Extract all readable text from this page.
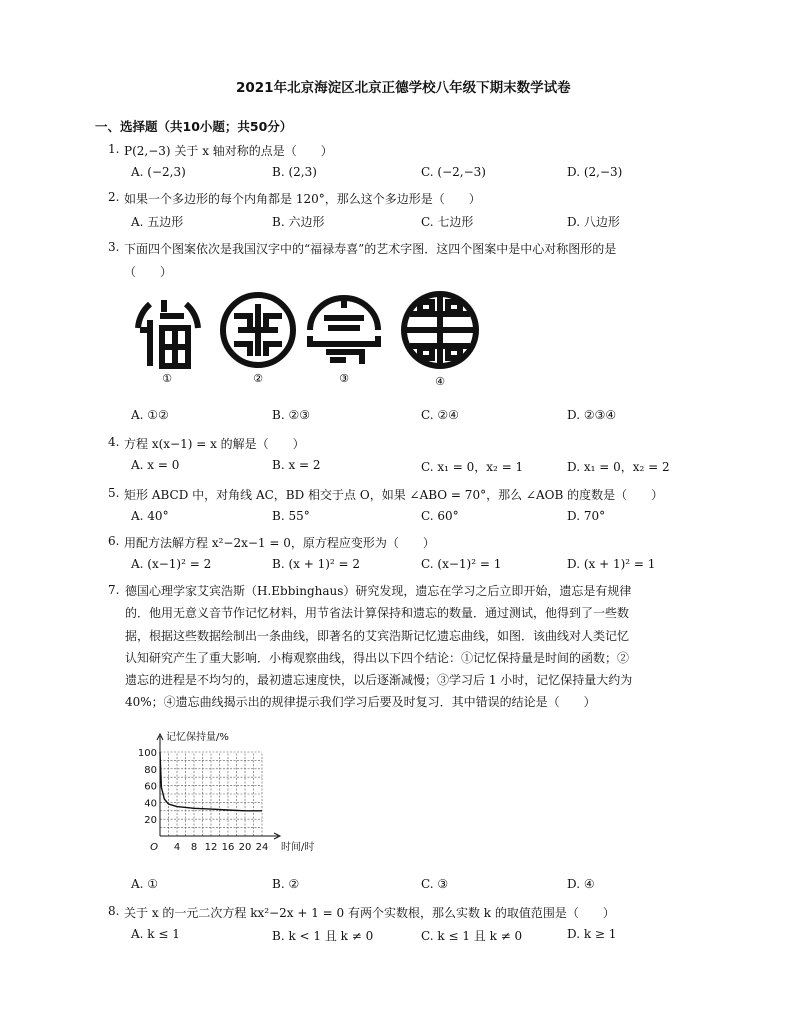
2021年北京海淀区北京正德学校八年级下期末数学试卷
一、选择题（共10小题；共50分）
1. P(2,−3) 关于 x 轴对称的点是（　　）
A. (−2,3)	B. (2,3)	C. (−2,−3)	D. (2,−3)
2. 如果一个多边形的每个内角都是 120°，那么这个多边形是（　　）
A. 五边形	B. 六边形	C. 七边形	D. 八边形
3. 下面四个图案依次是我国汉字中的“福禄寿喜”的艺术字图．这四个图案中是中心对称图形的是
（　　）
①	②	③	④
A. ①②	B. ②③	C. ②④	D. ②③④
4. 方程 x(x−1) = x 的解是（　　）
A. x = 0	B. x = 2	C. x₁ = 0，x₂ = 1	D. x₁ = 0，x₂ = 2
5. 矩形 ABCD 中，对角线 AC，BD 相交于点 O，如果 ∠ABO = 70°，那么 ∠AOB 的度数是（　　）
A. 40°	B. 55°	C. 60°	D. 70°
6. 用配方法解方程 x²−2x−1 = 0，原方程应变形为（　　）
A. (x−1)² = 2	B. (x + 1)² = 2	C. (x−1)² = 1	D. (x + 1)² = 1
7. 德国心理学家艾宾浩斯（H.Ebbinghaus）研究发现，遗忘在学习之后立即开始，遗忘是有规律
的．他用无意义音节作记忆材料，用节省法计算保持和遗忘的数量．通过测试，他得到了一些数
据，根据这些数据绘制出一条曲线，即著名的艾宾浩斯记忆遗忘曲线，如图．该曲线对人类记忆
认知研究产生了重大影响．小梅观察曲线，得出以下四个结论：①记忆保持量是时间的函数；②
遗忘的进程是不均匀的，最初遗忘速度快，以后逐渐减慢；③学习后 1 小时，记忆保持量大约为
40%；④遗忘曲线揭示出的规律提示我们学习后要及时复习．其中错误的结论是（　　）
20
40
60
80
100
4 8 12 16 20 24
O
记忆保持量/%
时间/时
A. ①	B. ②	C. ③	D. ④
8. 关于 x 的一元二次方程 kx²−2x + 1 = 0 有两个实数根，那么实数 k 的取值范围是（　　）
A. k ≤ 1	B. k < 1 且 k ≠ 0	C. k ≤ 1 且 k ≠ 0	D. k ≥ 1
